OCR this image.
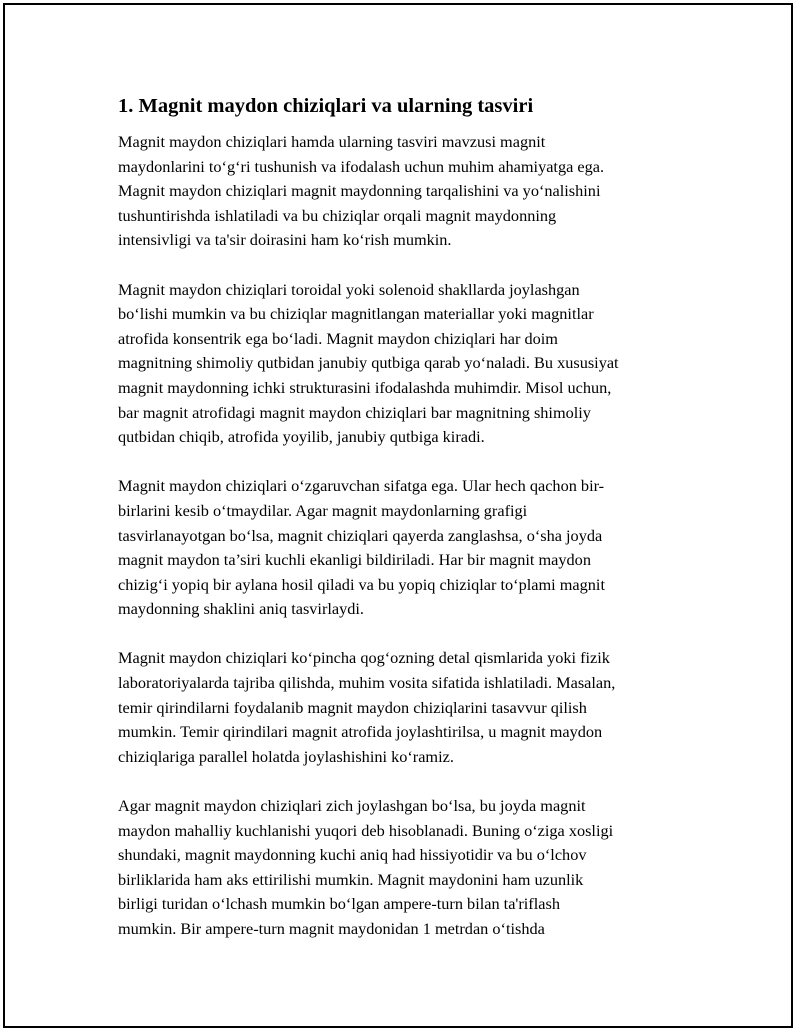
1. Magnit maydon chiziqlari va ularning tasviri

Magnit maydon chiziqlari hamda ularning tasviri mavzusi magnit
maydonlarini to‘g‘ri tushunish va ifodalash uchun muhim ahamiyatga ega.
Magnit maydon chiziqlari magnit maydonning tarqalishini va yo‘nalishini
tushuntirishda ishlatiladi va bu chiziqlar orqali magnit maydonning
intensivligi va ta'sir doirasini ham ko‘rish mumkin.

Magnit maydon chiziqlari toroidal yoki solenoid shakllarda joylashgan
bo‘lishi mumkin va bu chiziqlar magnitlangan materiallar yoki magnitlar
atrofida konsentrik ega bo‘ladi. Magnit maydon chiziqlari har doim
magnitning shimoliy qutbidan janubiy qutbiga qarab yo‘naladi. Bu xususiyat
magnit maydonning ichki strukturasini ifodalashda muhimdir. Misol uchun,
bar magnit atrofidagi magnit maydon chiziqlari bar magnitning shimoliy
qutbidan chiqib, atrofida yoyilib, janubiy qutbiga kiradi.

Magnit maydon chiziqlari o‘zgaruvchan sifatga ega. Ular hech qachon bir-
birlarini kesib o‘tmaydilar. Agar magnit maydonlarning grafigi
tasvirlanayotgan bo‘lsa, magnit chiziqlari qayerda zanglashsa, o‘sha joyda
magnit maydon ta’siri kuchli ekanligi bildiriladi. Har bir magnit maydon
chizig‘i yopiq bir aylana hosil qiladi va bu yopiq chiziqlar to‘plami magnit
maydonning shaklini aniq tasvirlaydi.

Magnit maydon chiziqlari ko‘pincha qog‘ozning detal qismlarida yoki fizik
laboratoriyalarda tajriba qilishda, muhim vosita sifatida ishlatiladi. Masalan,
temir qirindilarni foydalanib magnit maydon chiziqlarini tasavvur qilish
mumkin. Temir qirindilari magnit atrofida joylashtirilsa, u magnit maydon
chiziqlariga parallel holatda joylashishini ko‘ramiz.

Agar magnit maydon chiziqlari zich joylashgan bo‘lsa, bu joyda magnit
maydon mahalliy kuchlanishi yuqori deb hisoblanadi. Buning o‘ziga xosligi
shundaki, magnit maydonning kuchi aniq had hissiyotidir va bu o‘lchov
birliklarida ham aks ettirilishi mumkin. Magnit maydonini ham uzunlik
birligi turidan o‘lchash mumkin bo‘lgan ampere-turn bilan ta'riflash
mumkin. Bir ampere-turn magnit maydonidan 1 metrdan o‘tishda
